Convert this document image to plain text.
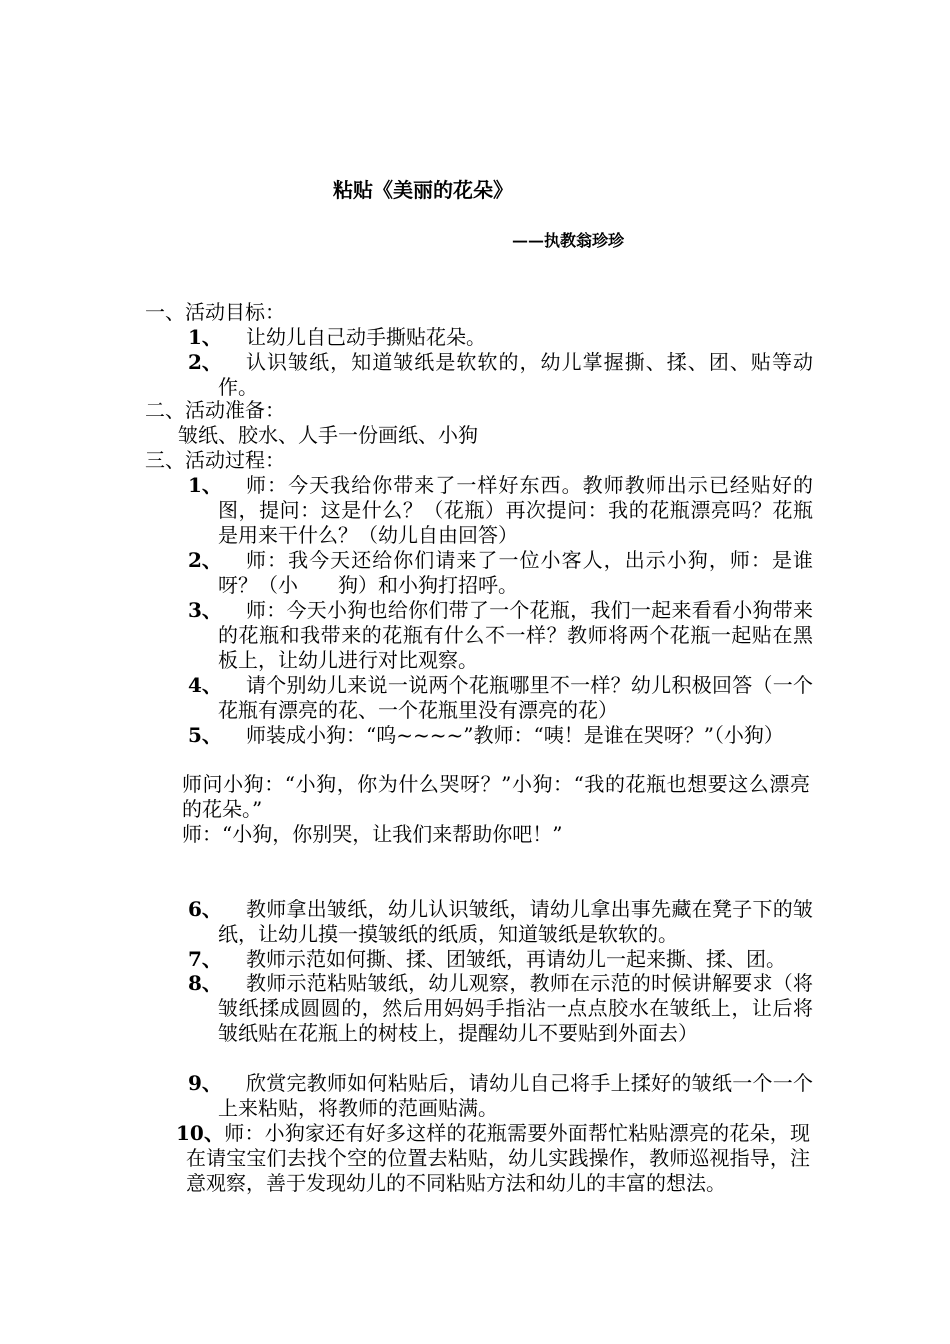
粘贴《美丽的花朵》
——执教翁珍珍
一、活动目标：
1、	让幼儿自己动手撕贴花朵。
2、	认识皱纸，知道皱纸是软软的，幼儿掌握撕、揉、团、贴等动作。
二、活动准备：
皱纸、胶水、人手一份画纸、小狗
三、活动过程：
1、	师：今天我给你带来了一样好东西。教师教师出示已经贴好的图，提问：这是什么？（花瓶）再次提问：我的花瓶漂亮吗？花瓶是用来干什么？（幼儿自由回答）
2、	师：我今天还给你们请来了一位小客人，出示小狗，师：是谁呀？（小　　狗）和小狗打招呼。
3、	师：今天小狗也给你们带了一个花瓶，我们一起来看看小狗带来的花瓶和我带来的花瓶有什么不一样？教师将两个花瓶一起贴在黑板上，让幼儿进行对比观察。
4、	请个别幼儿来说一说两个花瓶哪里不一样？幼儿积极回答（一个花瓶有漂亮的花、一个花瓶里没有漂亮的花）
5、	师装成小狗：“呜~~~~”教师：“咦！是谁在哭呀？”（小狗）
师问小狗：“小狗，你为什么哭呀？”小狗：“我的花瓶也想要这么漂亮的花朵。”
师：“小狗，你别哭，让我们来帮助你吧！”
6、	教师拿出皱纸，幼儿认识皱纸，请幼儿拿出事先藏在凳子下的皱纸，让幼儿摸一摸皱纸的纸质，知道皱纸是软软的。
7、	教师示范如何撕、揉、团皱纸，再请幼儿一起来撕、揉、团。
8、	教师示范粘贴皱纸，幼儿观察，教师在示范的时候讲解要求（将皱纸揉成圆圆的，然后用妈妈手指沾一点点胶水在皱纸上，让后将皱纸贴在花瓶上的树枝上，提醒幼儿不要贴到外面去）
9、	欣赏完教师如何粘贴后，请幼儿自己将手上揉好的皱纸一个一个上来粘贴，将教师的范画贴满。
10、师：小狗家还有好多这样的花瓶需要外面帮忙粘贴漂亮的花朵，现在请宝宝们去找个空的位置去粘贴，幼儿实践操作，教师巡视指导，注意观察，善于发现幼儿的不同粘贴方法和幼儿的丰富的想法。
